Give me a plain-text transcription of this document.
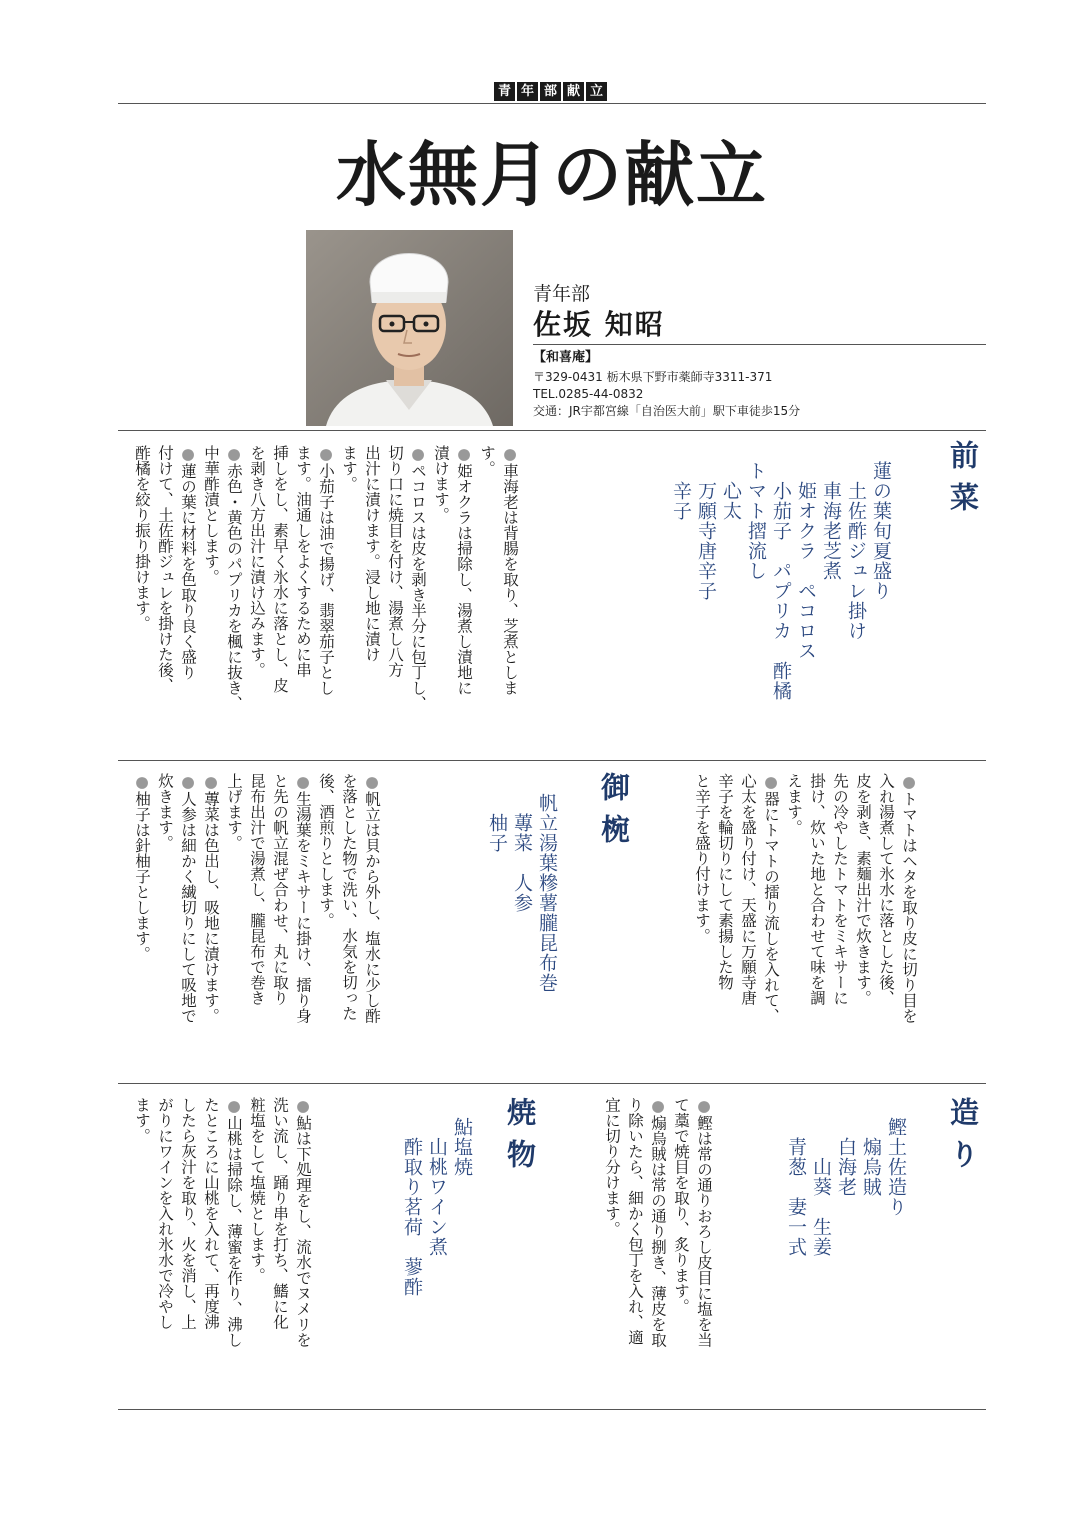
青 年 部 献 立
水無月の献立
青年部
佐坂 知昭
【和喜庵】
〒329-0431 栃木県下野市薬師寺3311-371
TEL.0285-44-0832
交通：JR宇都宮線「自治医大前」駅下車徒歩15分
前菜
蓮の葉旬夏盛り
　土佐酢ジュレ掛け
　車海老芝煮
　姫オクラ　ペコロス
　小茄子　パプリカ　酢橘
トマト摺流し
　心太
　万願寺唐辛子
　辛子
●車海老は背腸を取り、芝煮としま
す。
●姫オクラは掃除し、湯煮し漬地に
漬けます。
●ペコロスは皮を剥き半分に包丁し、
切り口に焼目を付け、湯煮し八方
出汁に漬けます。浸し地に漬け
ます。
●小茄子は油で揚げ、翡翠茄子とし
ます。油通しをよくするために串
挿しをし、素早く氷水に落とし、皮
を剥き八方出汁に漬け込みます。
●赤色・黄色のパプリカを楓に抜き、
中華酢漬とします。
●蓮の葉に材料を色取り良く盛り
付けて、土佐酢ジュレを掛けた後、
酢橘を絞り振り掛けます。
●トマトはヘタを取り皮に切り目を
入れ湯煮して氷水に落とした後、
皮を剥き、素麺出汁で炊きます。
先の冷やしたトマトをミキサーに
掛け、炊いた地と合わせて味を調
えます。
●器にトマトの擂り流しを入れて、
心太を盛り付け、天盛に万願寺唐
辛子を輪切りにして素揚した物
と辛子を盛り付けます。
御椀
帆立湯葉糝薯朧昆布巻
　蓴菜　人参
　柚子
●帆立は貝から外し、塩水に少し酢
を落とした物で洗い、水気を切った
後、酒煎りとします。
●生湯葉をミキサーに掛け、擂り身
と先の帆立混ぜ合わせ、丸に取り
昆布出汁で湯煮し、朧昆布で巻き
上げます。
●蓴菜は色出し、吸地に漬けます。
●人参は細かく繊切りにして吸地で
炊きます。
●柚子は針柚子とします。
造り
鰹土佐造り
　煽烏賊
　白海老
　　山葵　生姜
　青葱　妻一式
●鰹は常の通りおろし皮目に塩を当
て藁で焼目を取り、炙ります。
●煽烏賊は常の通り捌き、薄皮を取
り除いたら、細かく包丁を入れ、適
宜に切り分けます。
焼物
鮎塩焼
　山桃ワイン煮
　酢取り茗荷　蓼酢
●鮎は下処理をし、流水でヌメリを
洗い流し、踊り串を打ち、鰭に化
粧塩をして塩焼とします。
●山桃は掃除し、薄蜜を作り、沸し
たところに山桃を入れて、再度沸
したら灰汁を取り、火を消し、上
がりにワインを入れ氷水で冷やし
ます。
